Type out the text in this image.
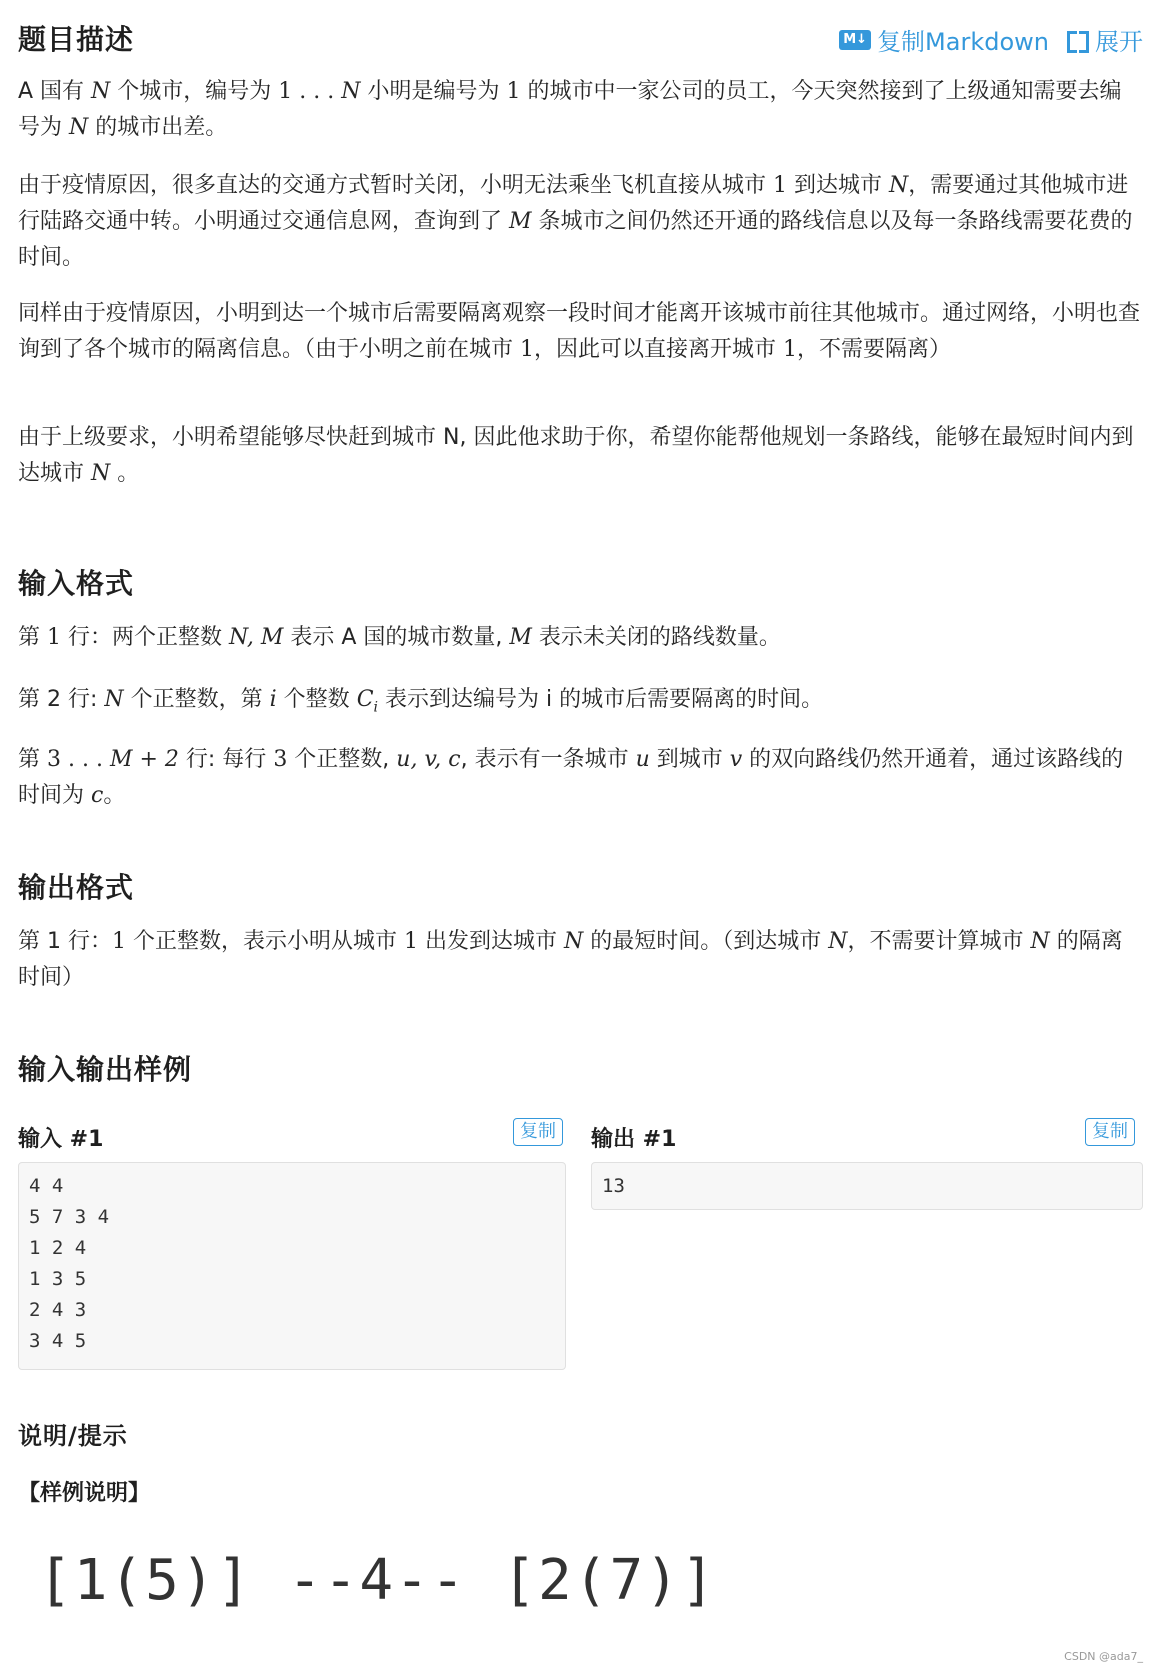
题目描述	M↓ 复制Markdown 展开

A 国有 N 个城市，编号为 1 . . . N 小明是编号为 1 的城市中一家公司的员工，今天突然接到了上级通知需要去编号为 N 的城市出差。

由于疫情原因，很多直达的交通方式暂时关闭，小明无法乘坐飞机直接从城市 1 到达城市 N，需要通过其他城市进行陆路交通中转。小明通过交通信息网，查询到了 M 条城市之间仍然还开通的路线信息以及每一条路线需要花费的时间。

同样由于疫情原因，小明到达一个城市后需要隔离观察一段时间才能离开该城市前往其他城市。通过网络，小明也查询到了各个城市的隔离信息。（由于小明之前在城市 1，因此可以直接离开城市 1，不需要隔离）

由于上级要求，小明希望能够尽快赶到城市 N, 因此他求助于你，希望你能帮他规划一条路线，能够在最短时间内到达城市 N 。

输入格式

第 1 行：两个正整数 N, M 表示 A 国的城市数量, M 表示未关闭的路线数量。

第 2 行: N 个正整数，第 i 个整数 $C_i$ 表示到达编号为 i 的城市后需要隔离的时间。

第 3 . . . M + 2 行: 每行 3 个正整数, u, v, c, 表示有一条城市 u 到城市 v 的双向路线仍然开通着，通过该路线的时间为 c。

输出格式

第 1 行：1 个正整数，表示小明从城市 1 出发到达城市 N 的最短时间。（到达城市 N，不需要计算城市 N 的隔离时间）

输入输出样例
输入 #1	复制
4 4
5 7 3 4
1 2 4
1 3 5
2 4 3
3 4 5
输出 #1	复制
13
说明/提示
【样例说明】
[1(5)] --4-- [2(7)]
CSDN @ada7_
